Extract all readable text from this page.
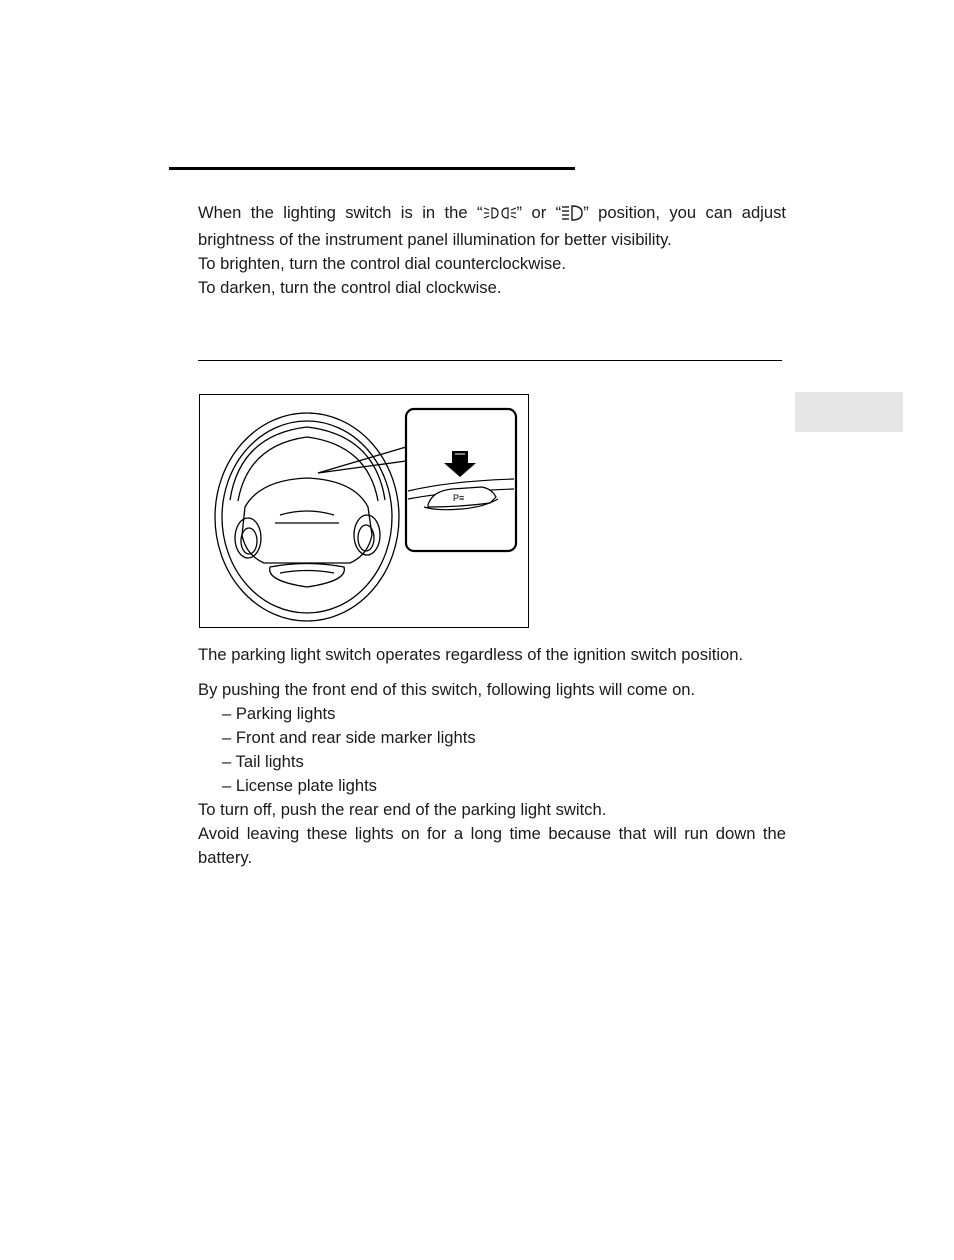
When the lighting switch is in the “ ” or “ ” position, you can adjust

brightness of the instrument panel illumination for better visibility.

To brighten, turn the control dial counterclockwise.

To darken, turn the control dial clockwise.

P≡

The parking light switch operates regardless of the ignition switch position.

By pushing the front end of this switch, following lights will come on.

– Parking lights

– Front and rear side marker lights

– Tail lights

– License plate lights

To turn off, push the rear end of the parking light switch.

Avoid leaving these lights on for a long time because that will run down the battery.
